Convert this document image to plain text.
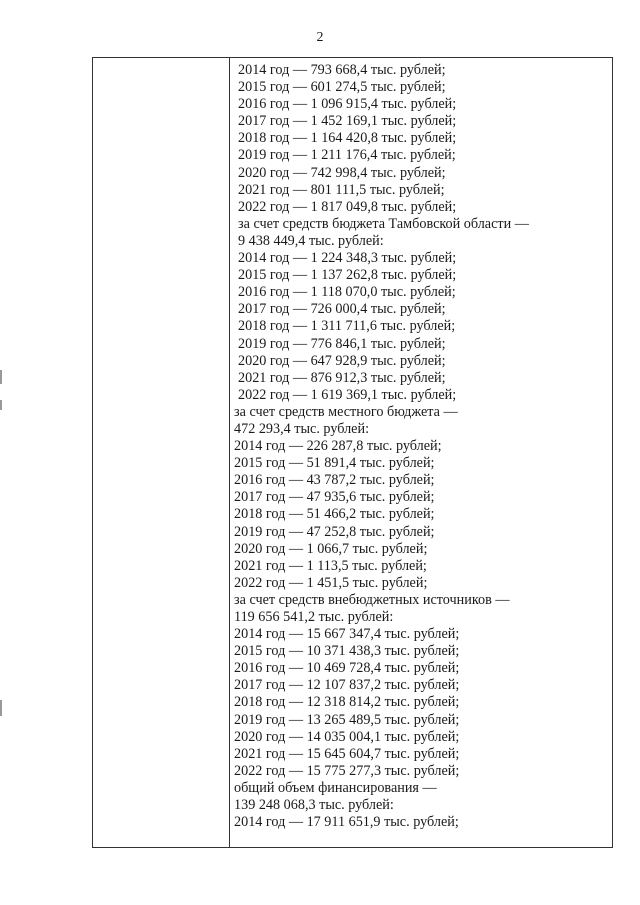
2
2014 год — 793 668,4 тыс. рублей;
2015 год — 601 274,5 тыс. рублей;
2016 год — 1 096 915,4 тыс. рублей;
2017 год — 1 452 169,1 тыс. рублей;
2018 год — 1 164 420,8 тыс. рублей;
2019 год — 1 211 176,4 тыс. рублей;
2020 год — 742 998,4 тыс. рублей;
2021 год — 801 111,5 тыс. рублей;
2022 год — 1 817 049,8 тыс. рублей;
за счет средств бюджета Тамбовской области —
9 438 449,4 тыс. рублей:
2014 год — 1 224 348,3 тыс. рублей;
2015 год — 1 137 262,8 тыс. рублей;
2016 год — 1 118 070,0 тыс. рублей;
2017 год — 726 000,4 тыс. рублей;
2018 год — 1 311 711,6 тыс. рублей;
2019 год — 776 846,1 тыс. рублей;
2020 год — 647 928,9 тыс. рублей;
2021 год — 876 912,3 тыс. рублей;
2022 год — 1 619 369,1 тыс. рублей;
за счет средств местного бюджета —
472 293,4 тыс. рублей:
2014 год — 226 287,8 тыс. рублей;
2015 год — 51 891,4 тыс. рублей;
2016 год — 43 787,2 тыс. рублей;
2017 год — 47 935,6 тыс. рублей;
2018 год — 51 466,2 тыс. рублей;
2019 год — 47 252,8 тыс. рублей;
2020 год — 1 066,7 тыс. рублей;
2021 год — 1 113,5 тыс. рублей;
2022 год — 1 451,5 тыс. рублей;
за счет средств внебюджетных источников —
119 656 541,2 тыс. рублей:
2014 год — 15 667 347,4 тыс. рублей;
2015 год — 10 371 438,3 тыс. рублей;
2016 год — 10 469 728,4 тыс. рублей;
2017 год — 12 107 837,2 тыс. рублей;
2018 год — 12 318 814,2 тыс. рублей;
2019 год — 13 265 489,5 тыс. рублей;
2020 год — 14 035 004,1 тыс. рублей;
2021 год — 15 645 604,7 тыс. рублей;
2022 год — 15 775 277,3 тыс. рублей;
общий объем финансирования —
139 248 068,3 тыс. рублей:
2014 год — 17 911 651,9 тыс. рублей;
